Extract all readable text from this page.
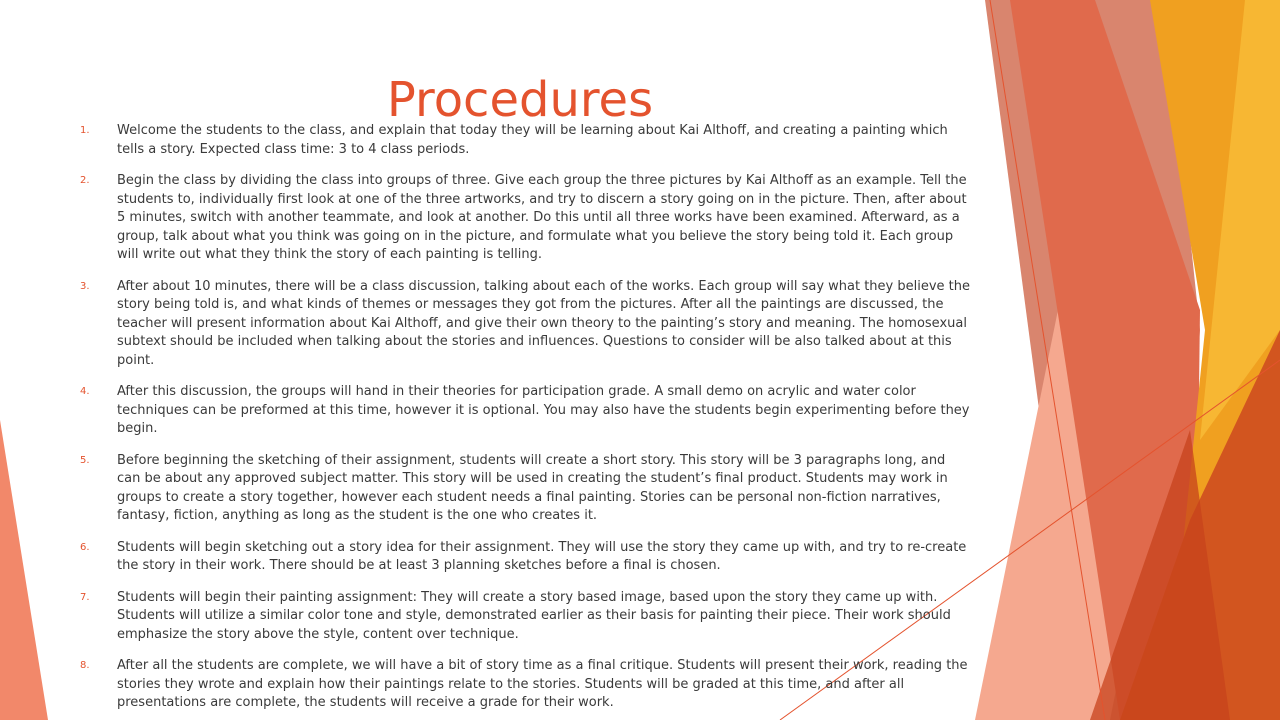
Procedures
1. Welcome the students to the class, and explain that today they will be learning about Kai Althoff, and creating a painting which tells a story. Expected class time: 3 to 4 class periods.
2. Begin the class by dividing the class into groups of three. Give each group the three pictures by Kai Althoff as an example. Tell the students to, individually first look at one of the three artworks, and try to discern a story going on in the picture. Then, after about 5 minutes, switch with another teammate, and look at another. Do this until all three works have been examined. Afterward, as a group, talk about what you think was going on in the picture, and formulate what you believe the story being told it. Each group will write out what they think the story of each painting is telling.
3. After about 10 minutes, there will be a class discussion, talking about each of the works. Each group will say what they believe the story being told is, and what kinds of themes or messages they got from the pictures. After all the paintings are discussed, the teacher will present information about Kai Althoff, and give their own theory to the painting’s story and meaning. The homosexual subtext should be included when talking about the stories and influences. Questions to consider will be also talked about at this point.
4. After this discussion, the groups will hand in their theories for participation grade. A small demo on acrylic and water color techniques can be preformed at this time, however it is optional. You may also have the students begin experimenting before they begin.
5. Before beginning the sketching of their assignment, students will create a short story. This story will be 3 paragraphs long, and can be about any approved subject matter. This story will be used in creating the student’s final product. Students may work in groups to create a story together, however each student needs a final painting. Stories can be personal non-fiction narratives, fantasy, fiction, anything as long as the student is the one who creates it.
6. Students will begin sketching out a story idea for their assignment. They will use the story they came up with, and try to re-create the story in their work. There should be at least 3 planning sketches before a final is chosen.
7. Students will begin their painting assignment: They will create a story based image, based upon the story they came up with. Students will utilize a similar color tone and style, demonstrated earlier as their basis for painting their piece. Their work should emphasize the story above the style, content over technique.
8. After all the students are complete, we will have a bit of story time as a final critique. Students will present their work, reading the stories they wrote and explain how their paintings relate to the stories. Students will be graded at this time, and after all presentations are complete, the students will receive a grade for their work.
